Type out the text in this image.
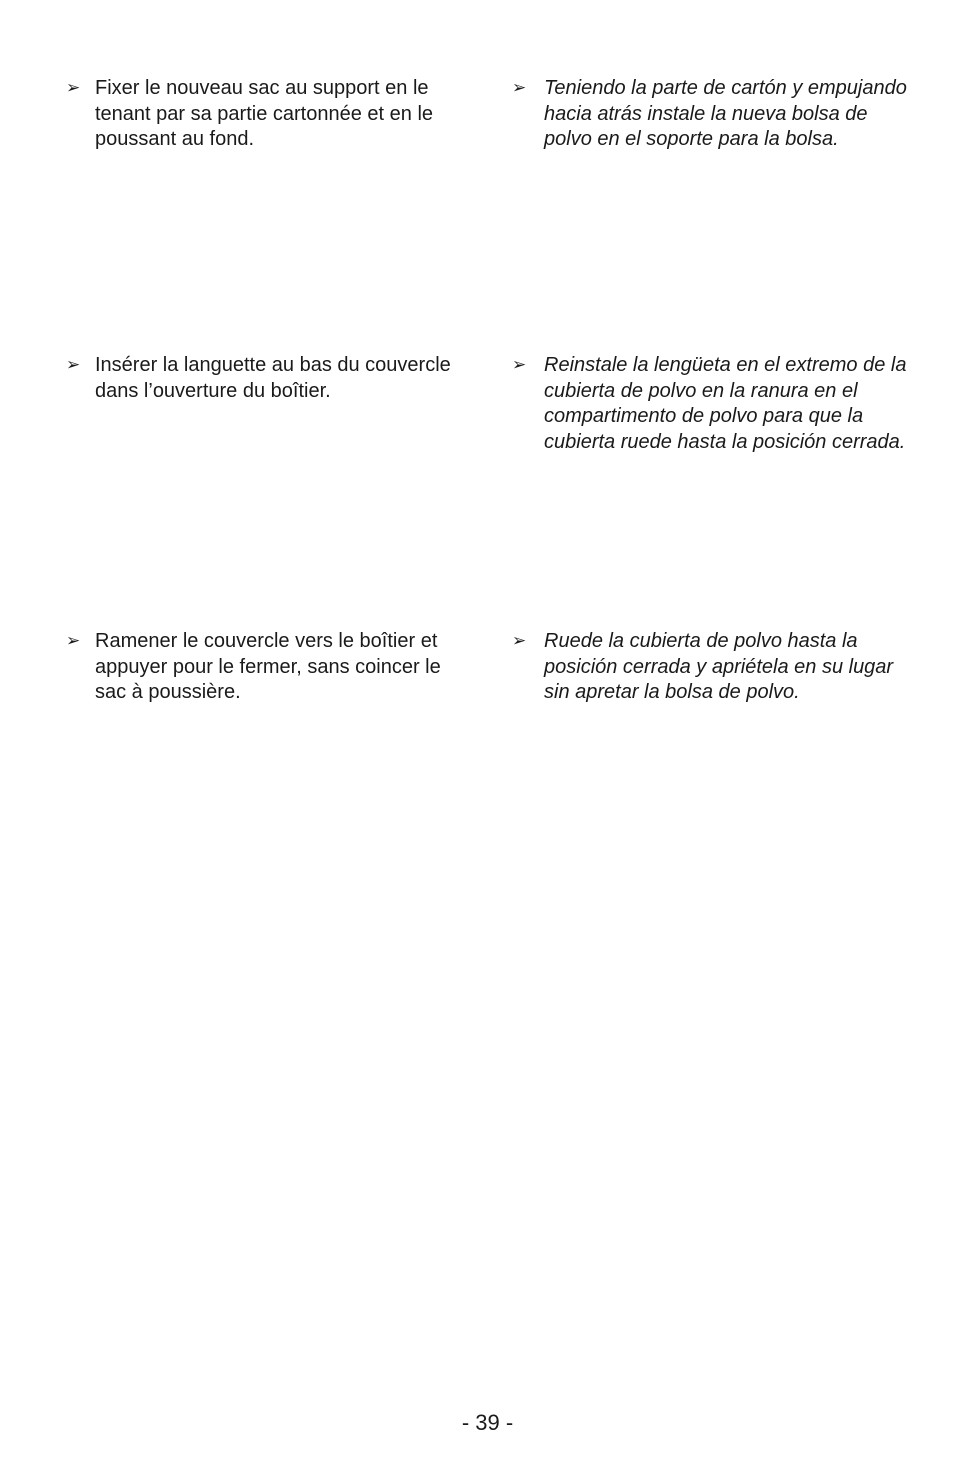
➢ Fixer le nouveau sac au support en le tenant par sa partie cartonnée et en le poussant au fond.
➢ Teniendo la parte de cartón y empujando hacia atrás instale la nueva bolsa de polvo en el soporte para la bolsa.
➢ Insérer la languette au bas du couvercle dans l’ouverture du boîtier.
➢ Reinstale la lengüeta en el extremo de la cubierta de polvo en la ranura en el compartimento de polvo para que la cubierta ruede hasta la posición cerrada.
➢ Ramener le couvercle vers le boîtier et appuyer pour le fermer, sans coincer le sac à poussière.
➢ Ruede la cubierta de polvo hasta la posición cerrada y apriétela en su lugar sin apretar la bolsa de polvo.
- 39 -
